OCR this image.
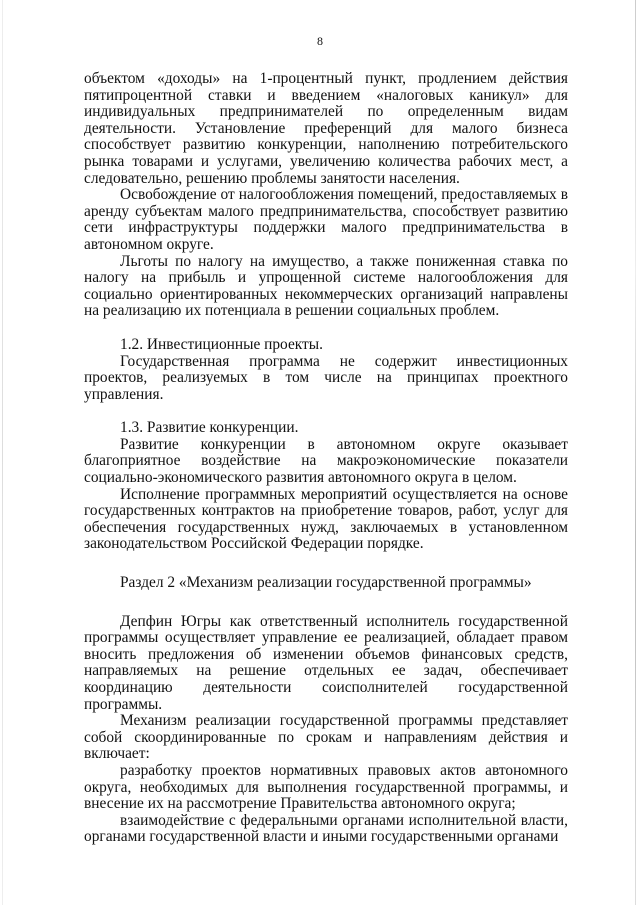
8

объектом «доходы» на 1-процентный пункт, продлением действия пятипроцентной ставки и введением «налоговых каникул» для индивидуальных предпринимателей по определенным видам деятельности. Установление преференций для малого бизнеса способствует развитию конкуренции, наполнению потребительского рынка товарами и услугами, увеличению количества рабочих мест, а следовательно, решению проблемы занятости населения.

Освобождение от налогообложения помещений, предоставляемых в аренду субъектам малого предпринимательства, способствует развитию сети инфраструктуры поддержки малого предпринимательства в автономном округе.

Льготы по налогу на имущество, а также пониженная ставка по налогу на прибыль и упрощенной системе налогообложения для социально ориентированных некоммерческих организаций направлены на реализацию их потенциала в решении социальных проблем.

1.2. Инвестиционные проекты.

Государственная программа не содержит инвестиционных проектов, реализуемых в том числе на принципах проектного управления.

1.3. Развитие конкуренции.

Развитие конкуренции в автономном округе оказывает благоприятное воздействие на макроэкономические показатели социально-экономического развития автономного округа в целом.

Исполнение программных мероприятий осуществляется на основе государственных контрактов на приобретение товаров, работ, услуг для обеспечения государственных нужд, заключаемых в установленном законодательством Российской Федерации порядке.

Раздел 2 «Механизм реализации государственной программы»

Депфин Югры как ответственный исполнитель государственной программы осуществляет управление ее реализацией, обладает правом вносить предложения об изменении объемов финансовых средств, направляемых на решение отдельных ее задач, обеспечивает координацию деятельности соисполнителей государственной программы.

Механизм реализации государственной программы представляет собой скоординированные по срокам и направлениям действия и включает:

разработку проектов нормативных правовых актов автономного округа, необходимых для выполнения государственной программы, и внесение их на рассмотрение Правительства автономного округа;

взаимодействие с федеральными органами исполнительной власти, органами государственной власти и иными государственными органами
